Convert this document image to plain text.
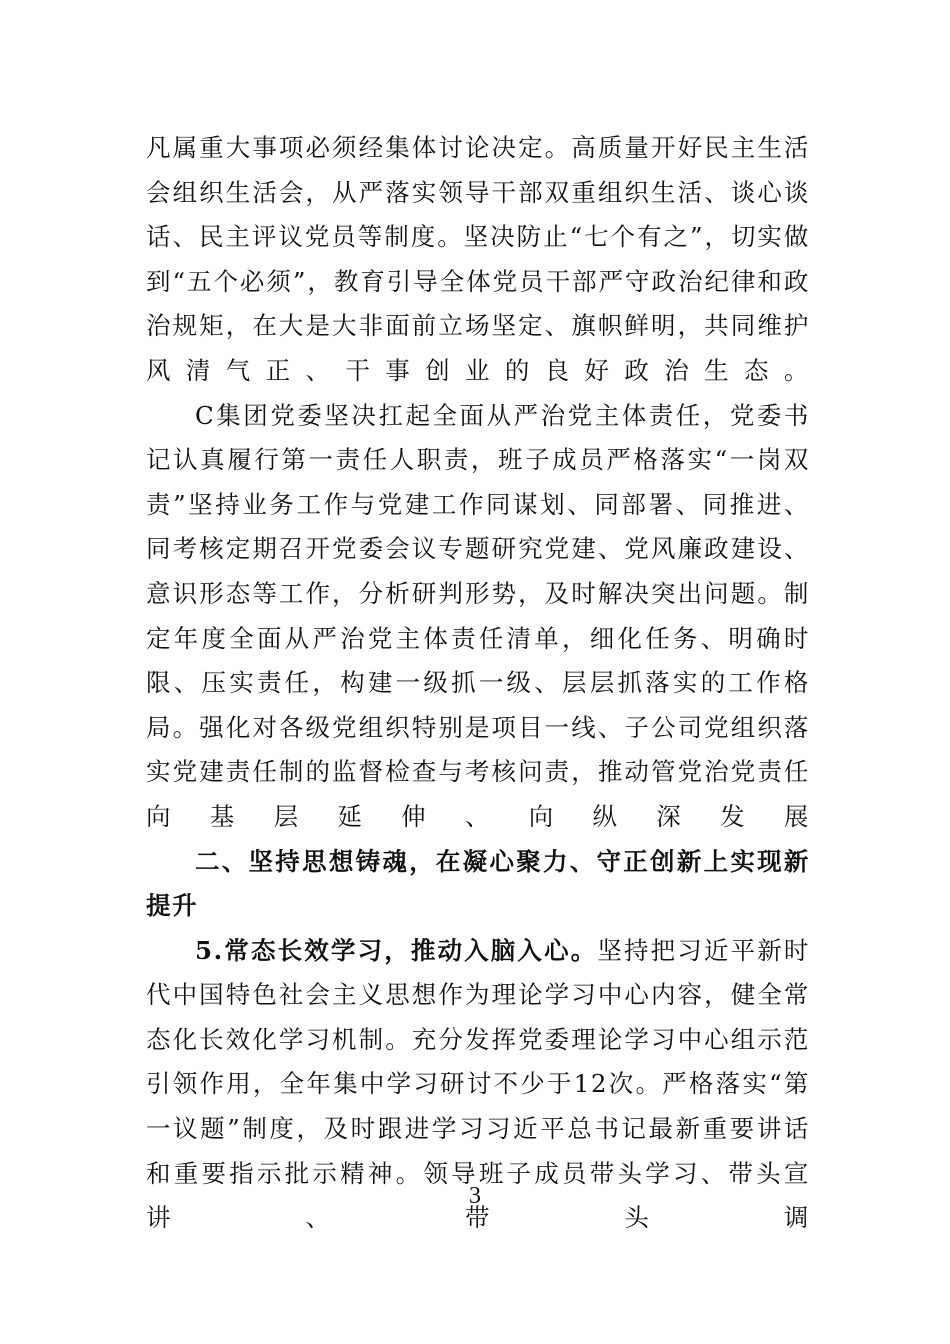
凡属重大事项必须经集体讨论决定。高质量开好民主生活会组织生活会，从严落实领导干部双重组织生活、谈心谈话、民主评议党员等制度。坚决防止“七个有之”，切实做到“五个必须”，教育引导全体党员干部严守政治纪律和政治规矩，在大是大非面前立场坚定、旗帜鲜明，共同维护风清气正、干事创业的良好政治生态。

C集团党委坚决扛起全面从严治党主体责任，党委书记认真履行第一责任人职责，班子成员严格落实“一岗双责”坚持业务工作与党建工作同谋划、同部署、同推进、同考核定期召开党委会议专题研究党建、党风廉政建设、意识形态等工作，分析研判形势，及时解决突出问题。制定年度全面从严治党主体责任清单，细化任务、明确时限、压实责任，构建一级抓一级、层层抓落实的工作格局。强化对各级党组织特别是项目一线、子公司党组织落实党建责任制的监督检查与考核问责，推动管党治党责任向基层延伸、向纵深发展

二、坚持思想铸魂，在凝心聚力、守正创新上实现新提升

5.常态长效学习，推动入脑入心。坚持把习近平新时代中国特色社会主义思想作为理论学习中心内容，健全常态化长效化学习机制。充分发挥党委理论学习中心组示范引领作用，全年集中学习研讨不少于12次。严格落实“第一议题”制度，及时跟进学习习近平总书记最新重要讲话和重要指示批示精神。领导班子成员带头学习、带头宣讲、带头调

3
